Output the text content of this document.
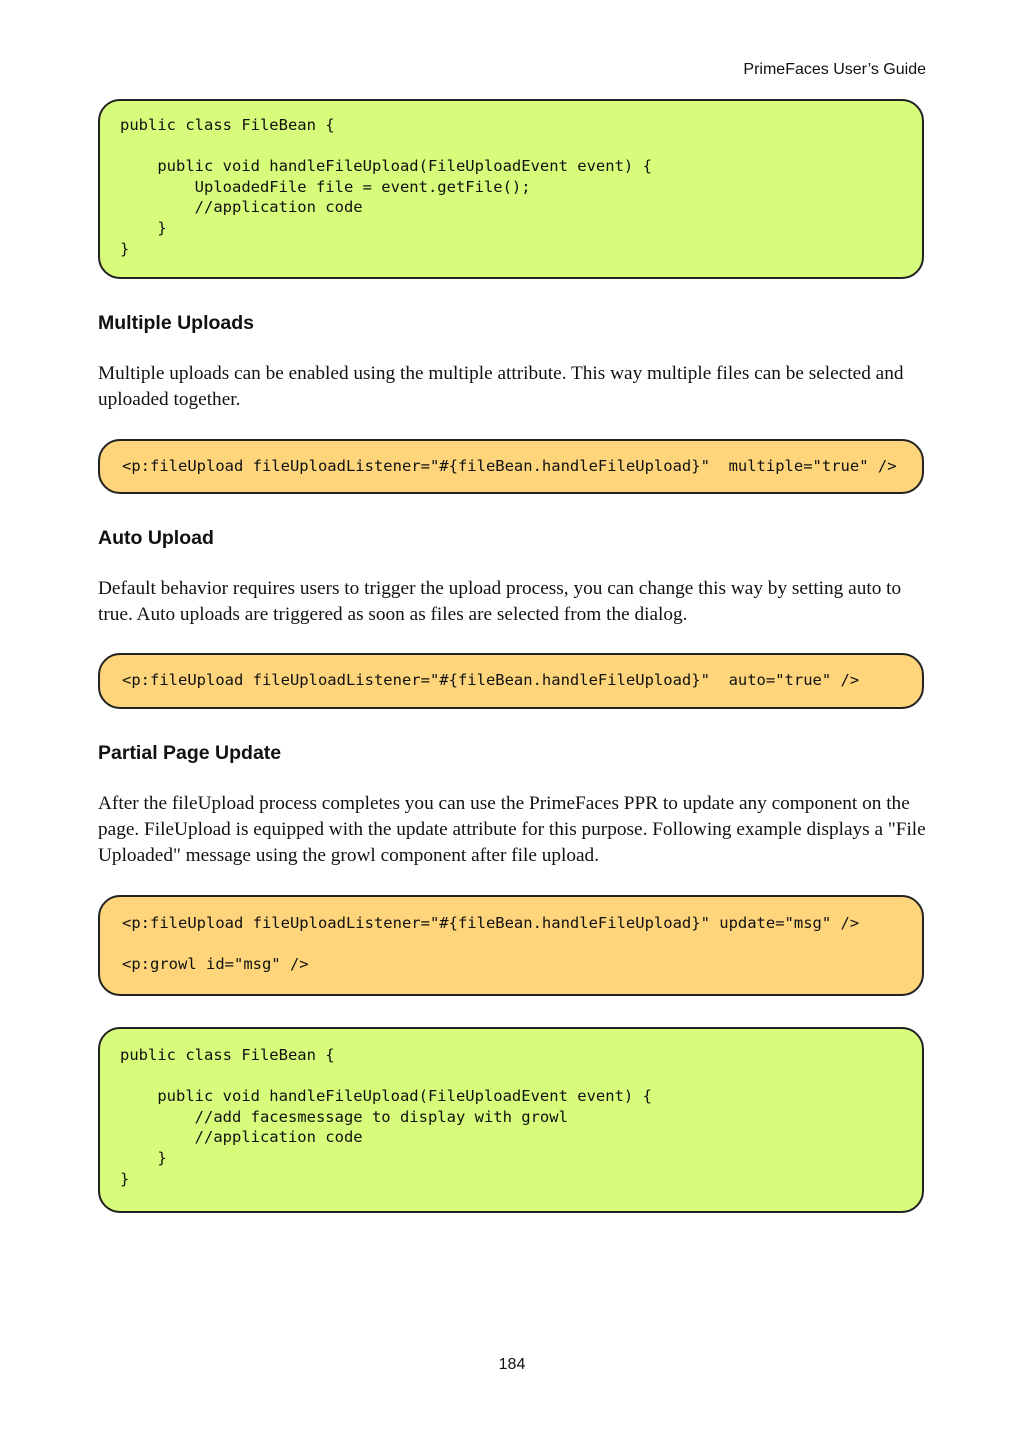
PrimeFaces User’s Guide
public class FileBean {

	public void handleFileUpload(FileUploadEvent event) {
		UploadedFile file = event.getFile();
		//application code
	}
}
Multiple Uploads
Multiple uploads can be enabled using the multiple attribute. This way multiple files can be selected and uploaded together.
<p:fileUpload fileUploadListener="#{fileBean.handleFileUpload}"  multiple="true" />
Auto Upload
Default behavior requires users to trigger the upload process, you can change this way by setting auto to true. Auto uploads are triggered as soon as files are selected from the dialog.
<p:fileUpload fileUploadListener="#{fileBean.handleFileUpload}"  auto="true" />
Partial Page Update
After the fileUpload process completes you can use the PrimeFaces PPR to update any component on the page. FileUpload is equipped with the update attribute for this purpose. Following example displays a "File Uploaded" message using the growl component after file upload.
<p:fileUpload fileUploadListener="#{fileBean.handleFileUpload}" update="msg" />

<p:growl id="msg" />
public class FileBean {

	public void handleFileUpload(FileUploadEvent event) {
		//add facesmessage to display with growl
		//application code
	}
}
184
